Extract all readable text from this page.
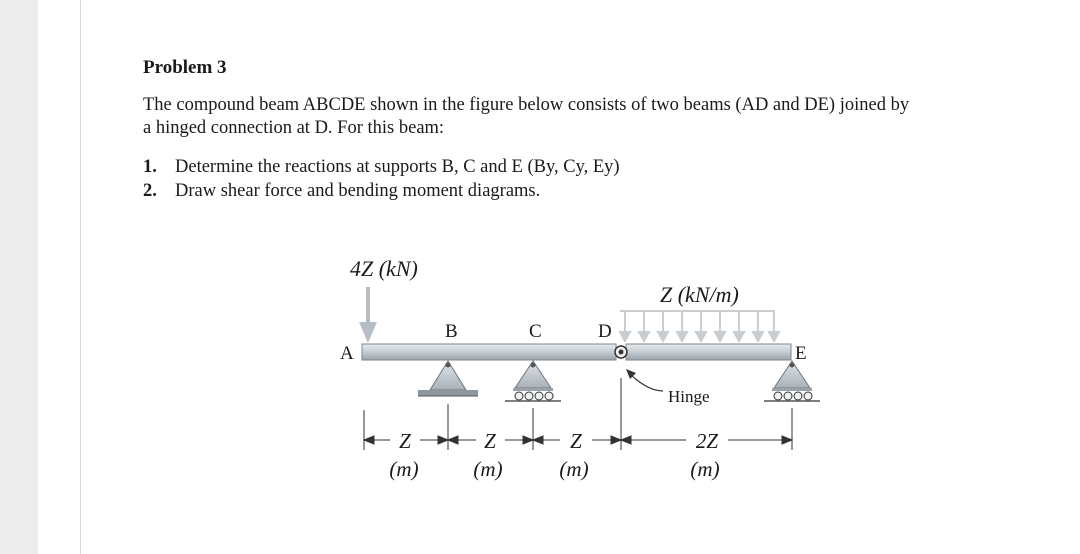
Problem 3
The compound beam ABCDE shown in the figure below consists of two beams (AD and DE) joined by
a hinged connection at D. For this beam:
1. Determine the reactions at supports B, C and E (By, Cy, Ey)
2. Draw shear force and bending moment diagrams.
4Z (kN)
Z (kN/m)
A
B	C	D
E
Hinge
Z
(m)
Z
(m)
Z
(m)
2Z
(m)
